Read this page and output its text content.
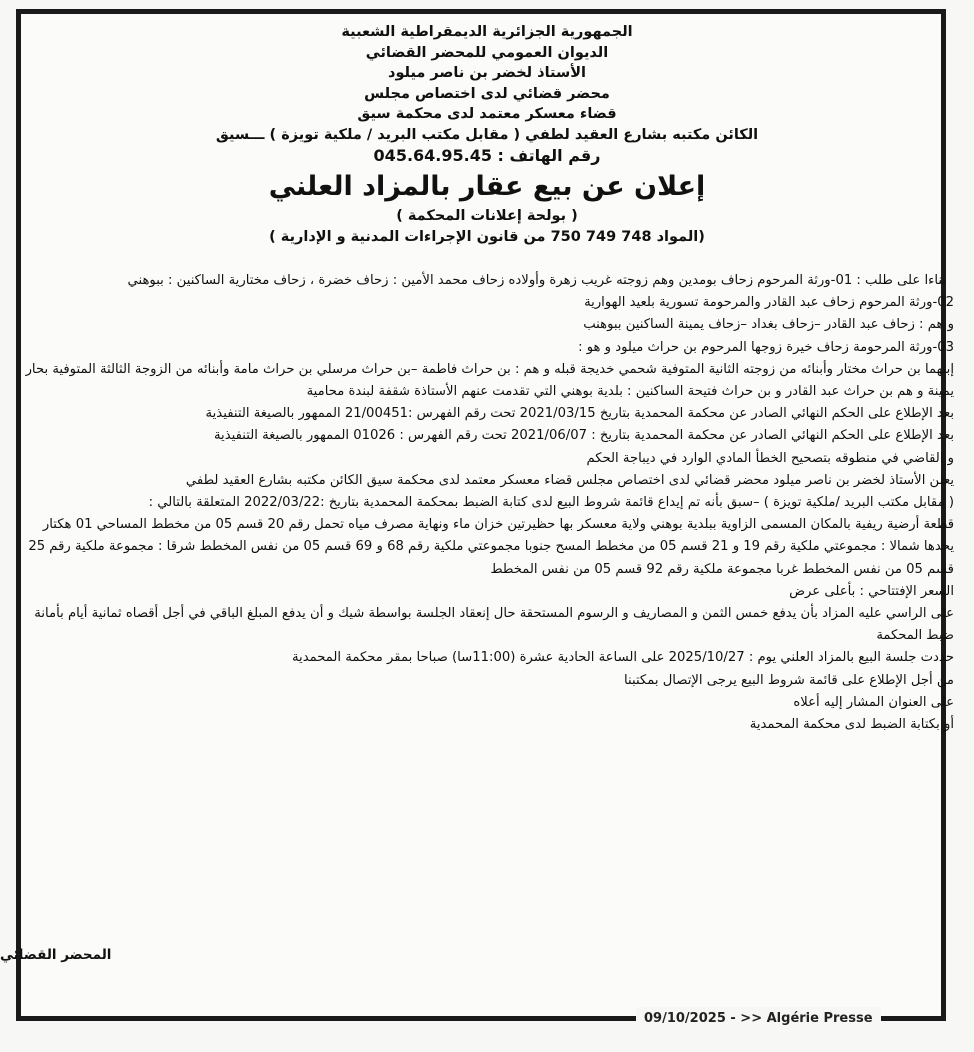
الجمهورية الجزائرية الديمقراطية الشعبية
الديوان العمومي للمحضر القضائي
الأستاذ لخضر بن ناصر ميلود
محضر قضائي لدى اختصاص مجلس
قضاء معسكر معتمد لدى محكمة سيق
الكائن مكتبه بشارع العقيد لطفي ( مقابل مكتب البريد / ملكية تويزة ) ـــسيق
رقم الهاتف : 045.64.95.45
إعلان عن بيع عقار بالمزاد العلني
( بولحة إعلانات المحكمة )
(المواد 748 749 750 من قانون الإجراءات المدنية و الإدارية )

بناءا على طلب : 01-ورثة المرحوم زحاف بومدين وهم زوجته غريب زهرة وأولاده زحاف محمد الأمين : زحاف خضرة ، زحاف مختارية الساكنين : ببوهني

02-ورثة المرحوم زحاف عبد القادر والمرحومة تسورية بلعيد الهوارية

و هم : زحاف عبد القادر –زحاف بغداد –زحاف يمينة الساكنين ببوهنب

03-ورثة المرحومة زحاف خيرة زوجها المرحوم بن حراث ميلود و هو :

إبنهما بن حراث مختار وأبنائه من زوجته الثانية المتوفية شحمي خديجة قبله و هم : بن حراث فاطمة –بن حراث مرسلي بن حراث مامة وأبنائه من الزوجة الثالثة المتوفية بحار يمينة و هم بن حراث عبد القادر و بن حراث فتيحة الساكنين : بلدية بوهني التي تقدمت عنهم الأستاذة شقفة لبندة محامية

بعد الإطلاع على الحكم النهائي الصادر عن محكمة المحمدية بتاريخ 2021/03/15 تحت رقم الفهرس :21/00451 الممهور بالصيغة التنفيذية

بعد الإطلاع على الحكم النهائي الصادر عن محكمة المحمدية بتاريخ : 2021/06/07 تحت رقم الفهرس : 01026 الممهور بالصيغة التنفيذية

و القاضي في منطوقه بتصحيح الخطأ المادي الوارد في ديباجة الحكم

يعلن الأستاذ لخضر بن ناصر ميلود محضر قضائي لدى اختصاص مجلس قضاء معسكر معتمد لدى محكمة سيق الكائن مكتبه بشارع العقيد لطفي

( مقابل مكتب البريد /ملكية تويزة ) –سبق بأنه تم إيداع قائمة شروط البيع لدى كتابة الضبط بمحكمة المحمدية بتاريخ :2022/03/22 المتعلقة بالتالي :

قطعة أرضية ريفية بالمكان المسمى الزاوية ببلدية بوهني ولاية معسكر بها حظيرتين خزان ماء ونهاية مصرف مياه تحمل رقم 20 قسم 05 من مخطط المساحي 01 هكتار يحدها شمالا : مجموعتي ملكية رقم 19 و 21 قسم 05 من مخطط المسح جنوبا مجموعتي ملكية رقم 68 و 69 قسم 05 من نفس المخطط شرقا : مجموعة ملكية رقم 25 قسم 05 من نفس المخطط غربا مجموعة ملكية رقم 92 قسم 05 من نفس المخطط

السعر الإفتتاحي : بأعلى عرض

على الراسي عليه المزاد بأن يدفع خمس الثمن و المصاريف و الرسوم المستحقة حال إنعقاد الجلسة بواسطة شيك و أن يدفع المبلغ الباقي في أجل أقصاه ثمانية أيام بأمانة ضبط المحكمة

حددت جلسة البيع بالمزاد العلني يوم : 2025/10/27 على الساعة الحادية عشرة (11:00سا) صباحا بمقر محكمة المحمدية

من أجل الإطلاع على قائمة شروط البيع يرجى الإتصال بمكتبنا

على العنوان المشار إليه أعلاه

أو بكتابة الضبط لدى محكمة المحمدية

المحضر القضائي
09/10/2025 - >> Algérie Presse
